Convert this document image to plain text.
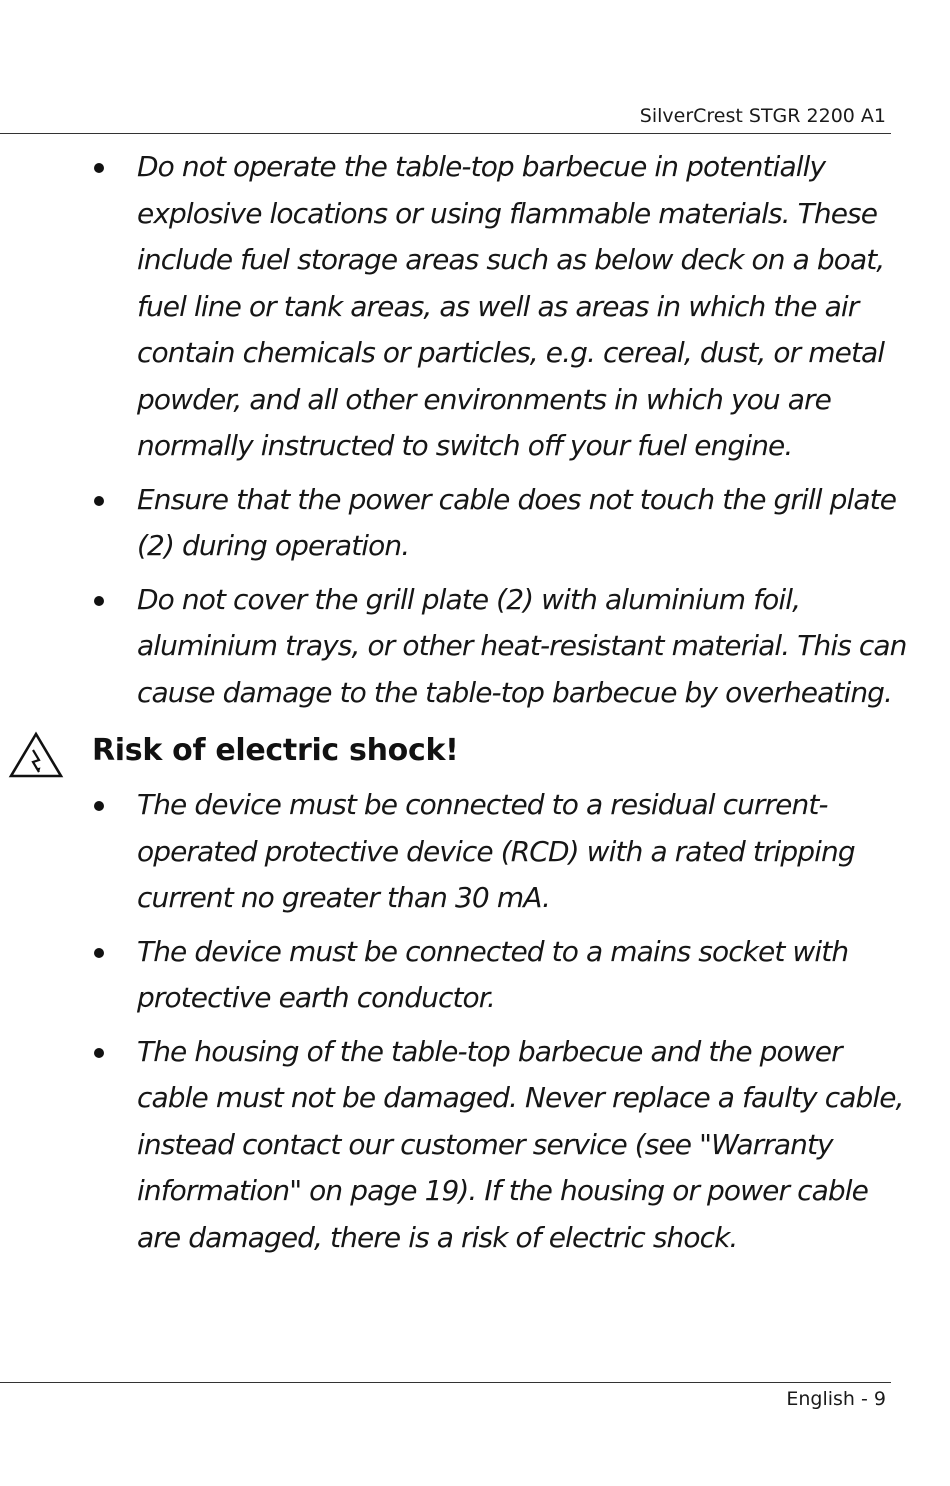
SilverCrest STGR 2200 A1
Do not operate the table-top barbecue in potentially explosive locations or using flammable materials. These include fuel storage areas such as below deck on a boat, fuel line or tank areas, as well as areas in which the air contain chemicals or particles, e.g. cereal, dust, or metal powder, and all other environments in which you are normally instructed to switch off your fuel engine.
Ensure that the power cable does not touch the grill plate (2) during operation.
Do not cover the grill plate (2) with aluminium foil, aluminium trays, or other heat-resistant material. This can cause damage to the table-top barbecue by overheating.
Risk of electric shock!
The device must be connected to a residual current-operated protective device (RCD) with a rated tripping current no greater than 30 mA.
The device must be connected to a mains socket with protective earth conductor.
The housing of the table-top barbecue and the power cable must not be damaged. Never replace a faulty cable, instead contact our customer service (see "Warranty information" on page 19). If the housing or power cable are damaged, there is a risk of electric shock.
English - 9
